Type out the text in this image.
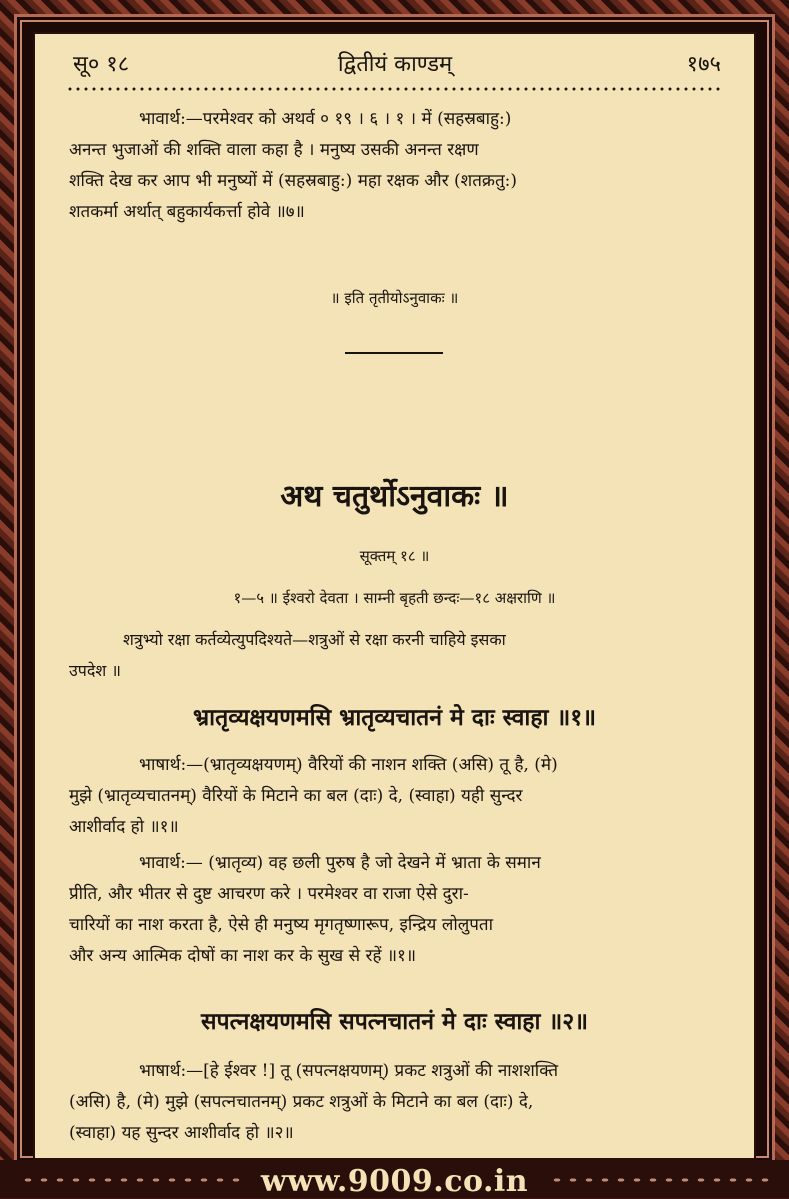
सू० १८	द्वितीयं काण्डम्	१७५
भावार्थ:—परमेश्वर को अथर्व ० १९ । ६ । १ । में (सहस्रबाहु:)
अनन्त भुजाओं की शक्ति वाला कहा है । मनुष्य उसकी अनन्त रक्षण
शक्ति देख कर आप भी मनुष्यों में (सहस्रबाहु:) महा रक्षक और (शतक्रतु:)
शतकर्मा अर्थात् बहुकार्यकर्त्ता होवे ॥७॥
॥ इति तृतीयोऽनुवाकः ॥
अथ चतुर्थोऽनुवाकः ॥
सूक्तम् १८ ॥
१—५ ॥ ईश्वरो देवता । साम्नी बृहती छन्दः—१८ अक्षराणि ॥
शत्रुभ्यो रक्षा कर्तव्येत्युपदिश्यते—शत्रुओं से रक्षा करनी चाहिये इसका
उपदेश ॥
भ्रातृव्यक्षयणमसि भ्रातृव्यचातनं मे दाः स्वाहा ॥१॥
भाषार्थ:—(भ्रातृव्यक्षयणम्) वैरियों की नाशन शक्ति (असि) तू है, (मे)
मुझे (भ्रातृव्यचातनम्) वैरियों के मिटाने का बल (दाः) दे, (स्वाहा) यही सुन्दर
आशीर्वाद हो ॥१॥
भावार्थ:— (भ्रातृव्य) वह छली पुरुष है जो देखने में भ्राता के समान
प्रीति, और भीतर से दुष्ट आचरण करे । परमेश्वर वा राजा ऐसे दुरा-
चारियों का नाश करता है, ऐसे ही मनुष्य मृगतृष्णारूप, इन्द्रिय लोलुपता
और अन्य आत्मिक दोषों का नाश कर के सुख से रहें ॥१॥
सपत्नक्षयणमसि सपत्नचातनं मे दाः स्वाहा ॥२॥
भाषार्थ:—[हे ईश्वर !] तू (सपत्नक्षयणम्) प्रकट शत्रुओं की नाशशक्ति
(असि) है, (मे) मुझे (सपत्नचातनम्) प्रकट शत्रुओं के मिटाने का बल (दाः) दे,
(स्वाहा) यह सुन्दर आशीर्वाद हो ॥२॥
www.9009.co.in
